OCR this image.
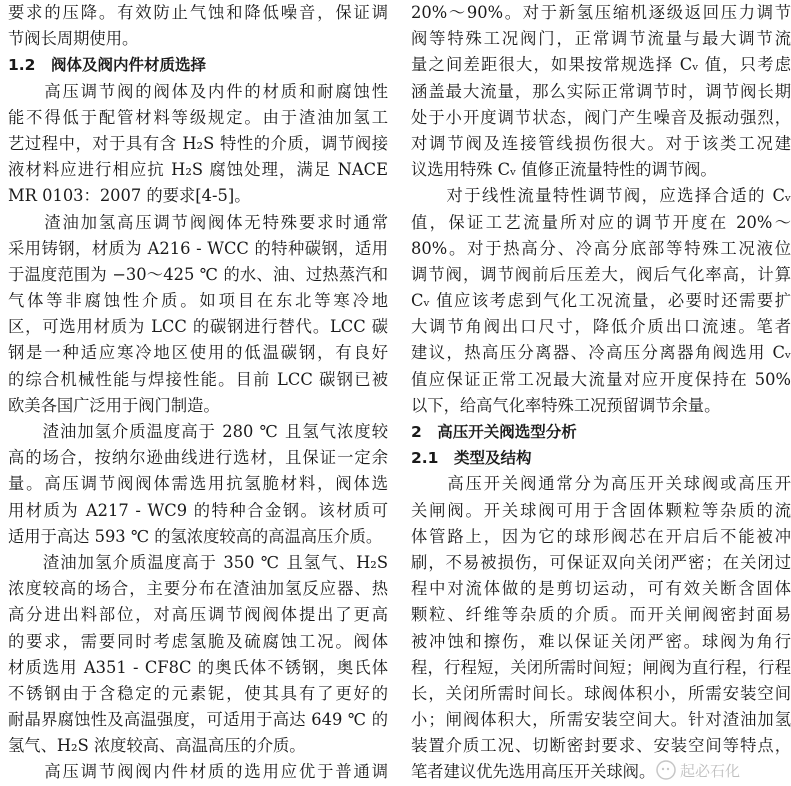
要求的压降。有效防止气蚀和降低噪音，保证调
节阀长周期使用。
1.2　阀体及阀内件材质选择
　　高压调节阀的阀体及内件的材质和耐腐蚀性
能不得低于配管材料等级规定。由于渣油加氢工
艺过程中，对于具有含 H₂S 特性的介质，调节阀接
液材料应进行相应抗 H₂S 腐蚀处理，满足 NACE
MR 0103：2007 的要求[4-5]。
　　渣油加氢高压调节阀阀体无特殊要求时通常
采用铸钢，材质为 A216 - WCC 的特种碳钢，适用
于温度范围为 −30～425 ℃ 的水、油、过热蒸汽和
气体等非腐蚀性介质。如项目在东北等寒冷地
区，可选用材质为 LCC 的碳钢进行替代。LCC 碳
钢是一种适应寒冷地区使用的低温碳钢，有良好
的综合机械性能与焊接性能。目前 LCC 碳钢已被
欧美各国广泛用于阀门制造。
　　渣油加氢介质温度高于 280 ℃ 且氢气浓度较
高的场合，按纳尔逊曲线进行选材，且保证一定余
量。高压调节阀阀体需选用抗氢脆材料，阀体选
用材质为 A217 - WC9 的特种合金钢。该材质可
适用于高达 593 ℃ 的氢浓度较高的高温高压介质。
　　渣油加氢介质温度高于 350 ℃ 且氢气、H₂S
浓度较高的场合，主要分布在渣油加氢反应器、热
高分进出料部位，对高压调节阀阀体提出了更高
的要求，需要同时考虑氢脆及硫腐蚀工况。阀体
材质选用 A351 - CF8C 的奥氏体不锈钢，奥氏体
不锈钢由于含稳定的元素铌，使其具有了更好的
耐晶界腐蚀性及高温强度，可适用于高达 649 ℃ 的
氢气、H₂S 浓度较高、高温高压的介质。
　　高压调节阀阀内件材质的选用应优于普通调
20%～90%。对于新氢压缩机逐级返回压力调节
阀等特殊工况阀门，正常调节流量与最大调节流
量之间差距很大，如果按常规选择 Cᵥ 值，只考虑
涵盖最大流量，那么实际正常调节时，调节阀长期
处于小开度调节状态，阀门产生噪音及振动强烈，
对调节阀及连接管线损伤很大。对于该类工况建
议选用特殊 Cᵥ 值修正流量特性的调节阀。
　　对于线性流量特性调节阀，应选择合适的 Cᵥ
值，保证工艺流量所对应的调节开度在 20%～
80%。对于热高分、冷高分底部等特殊工况液位
调节阀，调节阀前后压差大，阀后气化率高，计算
Cᵥ 值应该考虑到气化工况流量，必要时还需要扩
大调节角阀出口尺寸，降低介质出口流速。笔者
建议，热高压分离器、冷高压分离器角阀选用 Cᵥ
值应保证正常工况最大流量对应开度保持在 50%
以下，给高气化率特殊工况预留调节余量。
2　高压开关阀选型分析
2.1　类型及结构
　　高压开关阀通常分为高压开关球阀或高压开
关闸阀。开关球阀可用于含固体颗粒等杂质的流
体管路上，因为它的球形阀芯在开启后不能被冲
刷，不易被损伤，可保证双向关闭严密；在关闭过
程中对流体做的是剪切运动，可有效关断含固体
颗粒、纤维等杂质的介质。而开关闸阀密封面易
被冲蚀和擦伤，难以保证关闭严密。球阀为角行
程，行程短，关闭所需时间短；闸阀为直行程，行程
长，关闭所需时间长。球阀体积小，所需安装空间
小；闸阀体积大，所需安装空间大。针对渣油加氢
装置介质工况、切断密封要求、安装空间等特点，
笔者建议优先选用高压开关球阀。	起必石化
